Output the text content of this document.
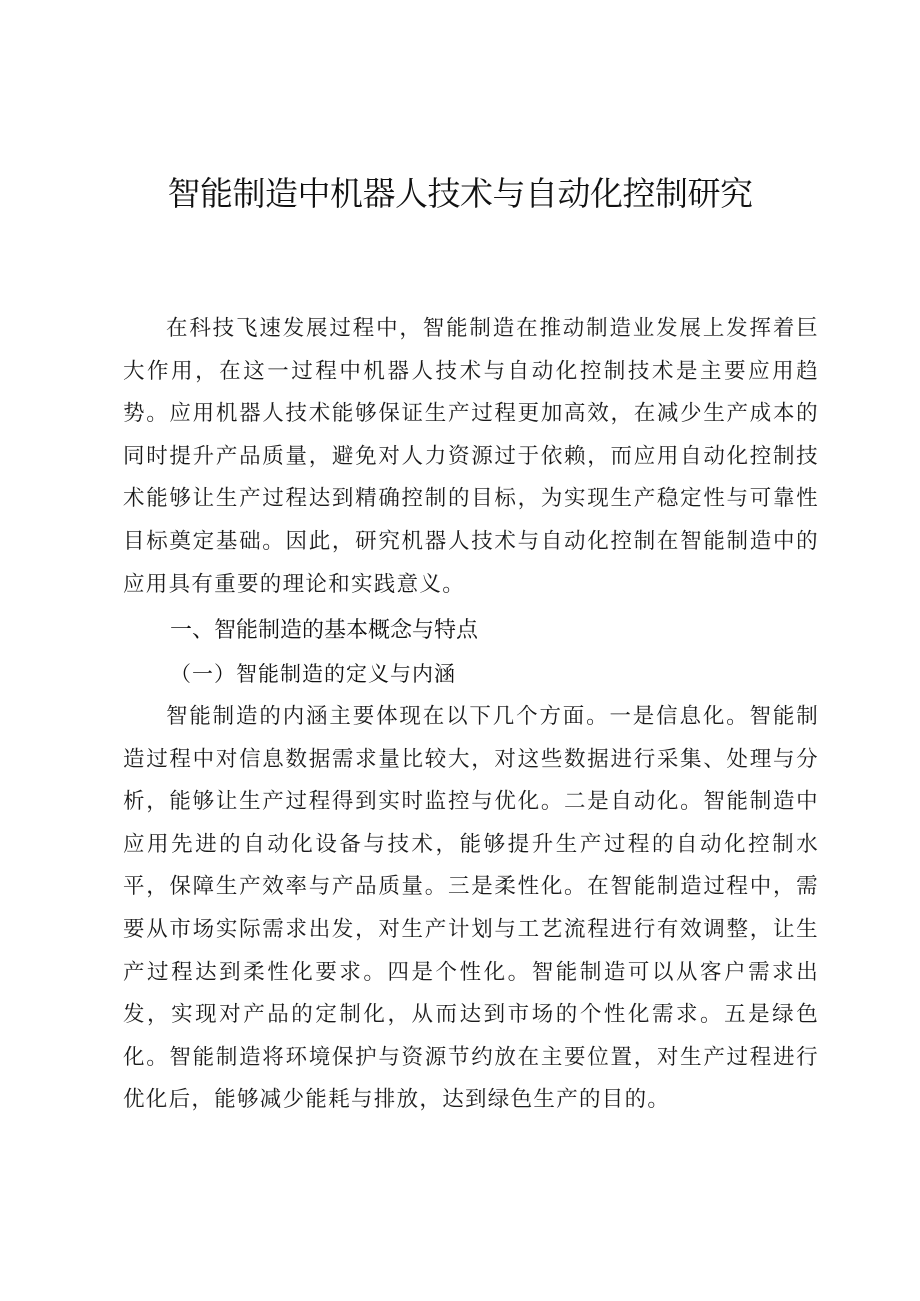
智能制造中机器人技术与自动化控制研究

在科技飞速发展过程中，智能制造在推动制造业发展上发挥着巨大作用，在这一过程中机器人技术与自动化控制技术是主要应用趋势。应用机器人技术能够保证生产过程更加高效，在减少生产成本的同时提升产品质量，避免对人力资源过于依赖，而应用自动化控制技术能够让生产过程达到精确控制的目标，为实现生产稳定性与可靠性目标奠定基础。因此，研究机器人技术与自动化控制在智能制造中的应用具有重要的理论和实践意义。

一、智能制造的基本概念与特点
（一）智能制造的定义与内涵

智能制造的内涵主要体现在以下几个方面。一是信息化。智能制造过程中对信息数据需求量比较大，对这些数据进行采集、处理与分析，能够让生产过程得到实时监控与优化。二是自动化。智能制造中应用先进的自动化设备与技术，能够提升生产过程的自动化控制水平，保障生产效率与产品质量。三是柔性化。在智能制造过程中，需要从市场实际需求出发，对生产计划与工艺流程进行有效调整，让生产过程达到柔性化要求。四是个性化。智能制造可以从客户需求出发，实现对产品的定制化，从而达到市场的个性化需求。五是绿色化。智能制造将环境保护与资源节约放在主要位置，对生产过程进行优化后，能够减少能耗与排放，达到绿色生产的目的。
